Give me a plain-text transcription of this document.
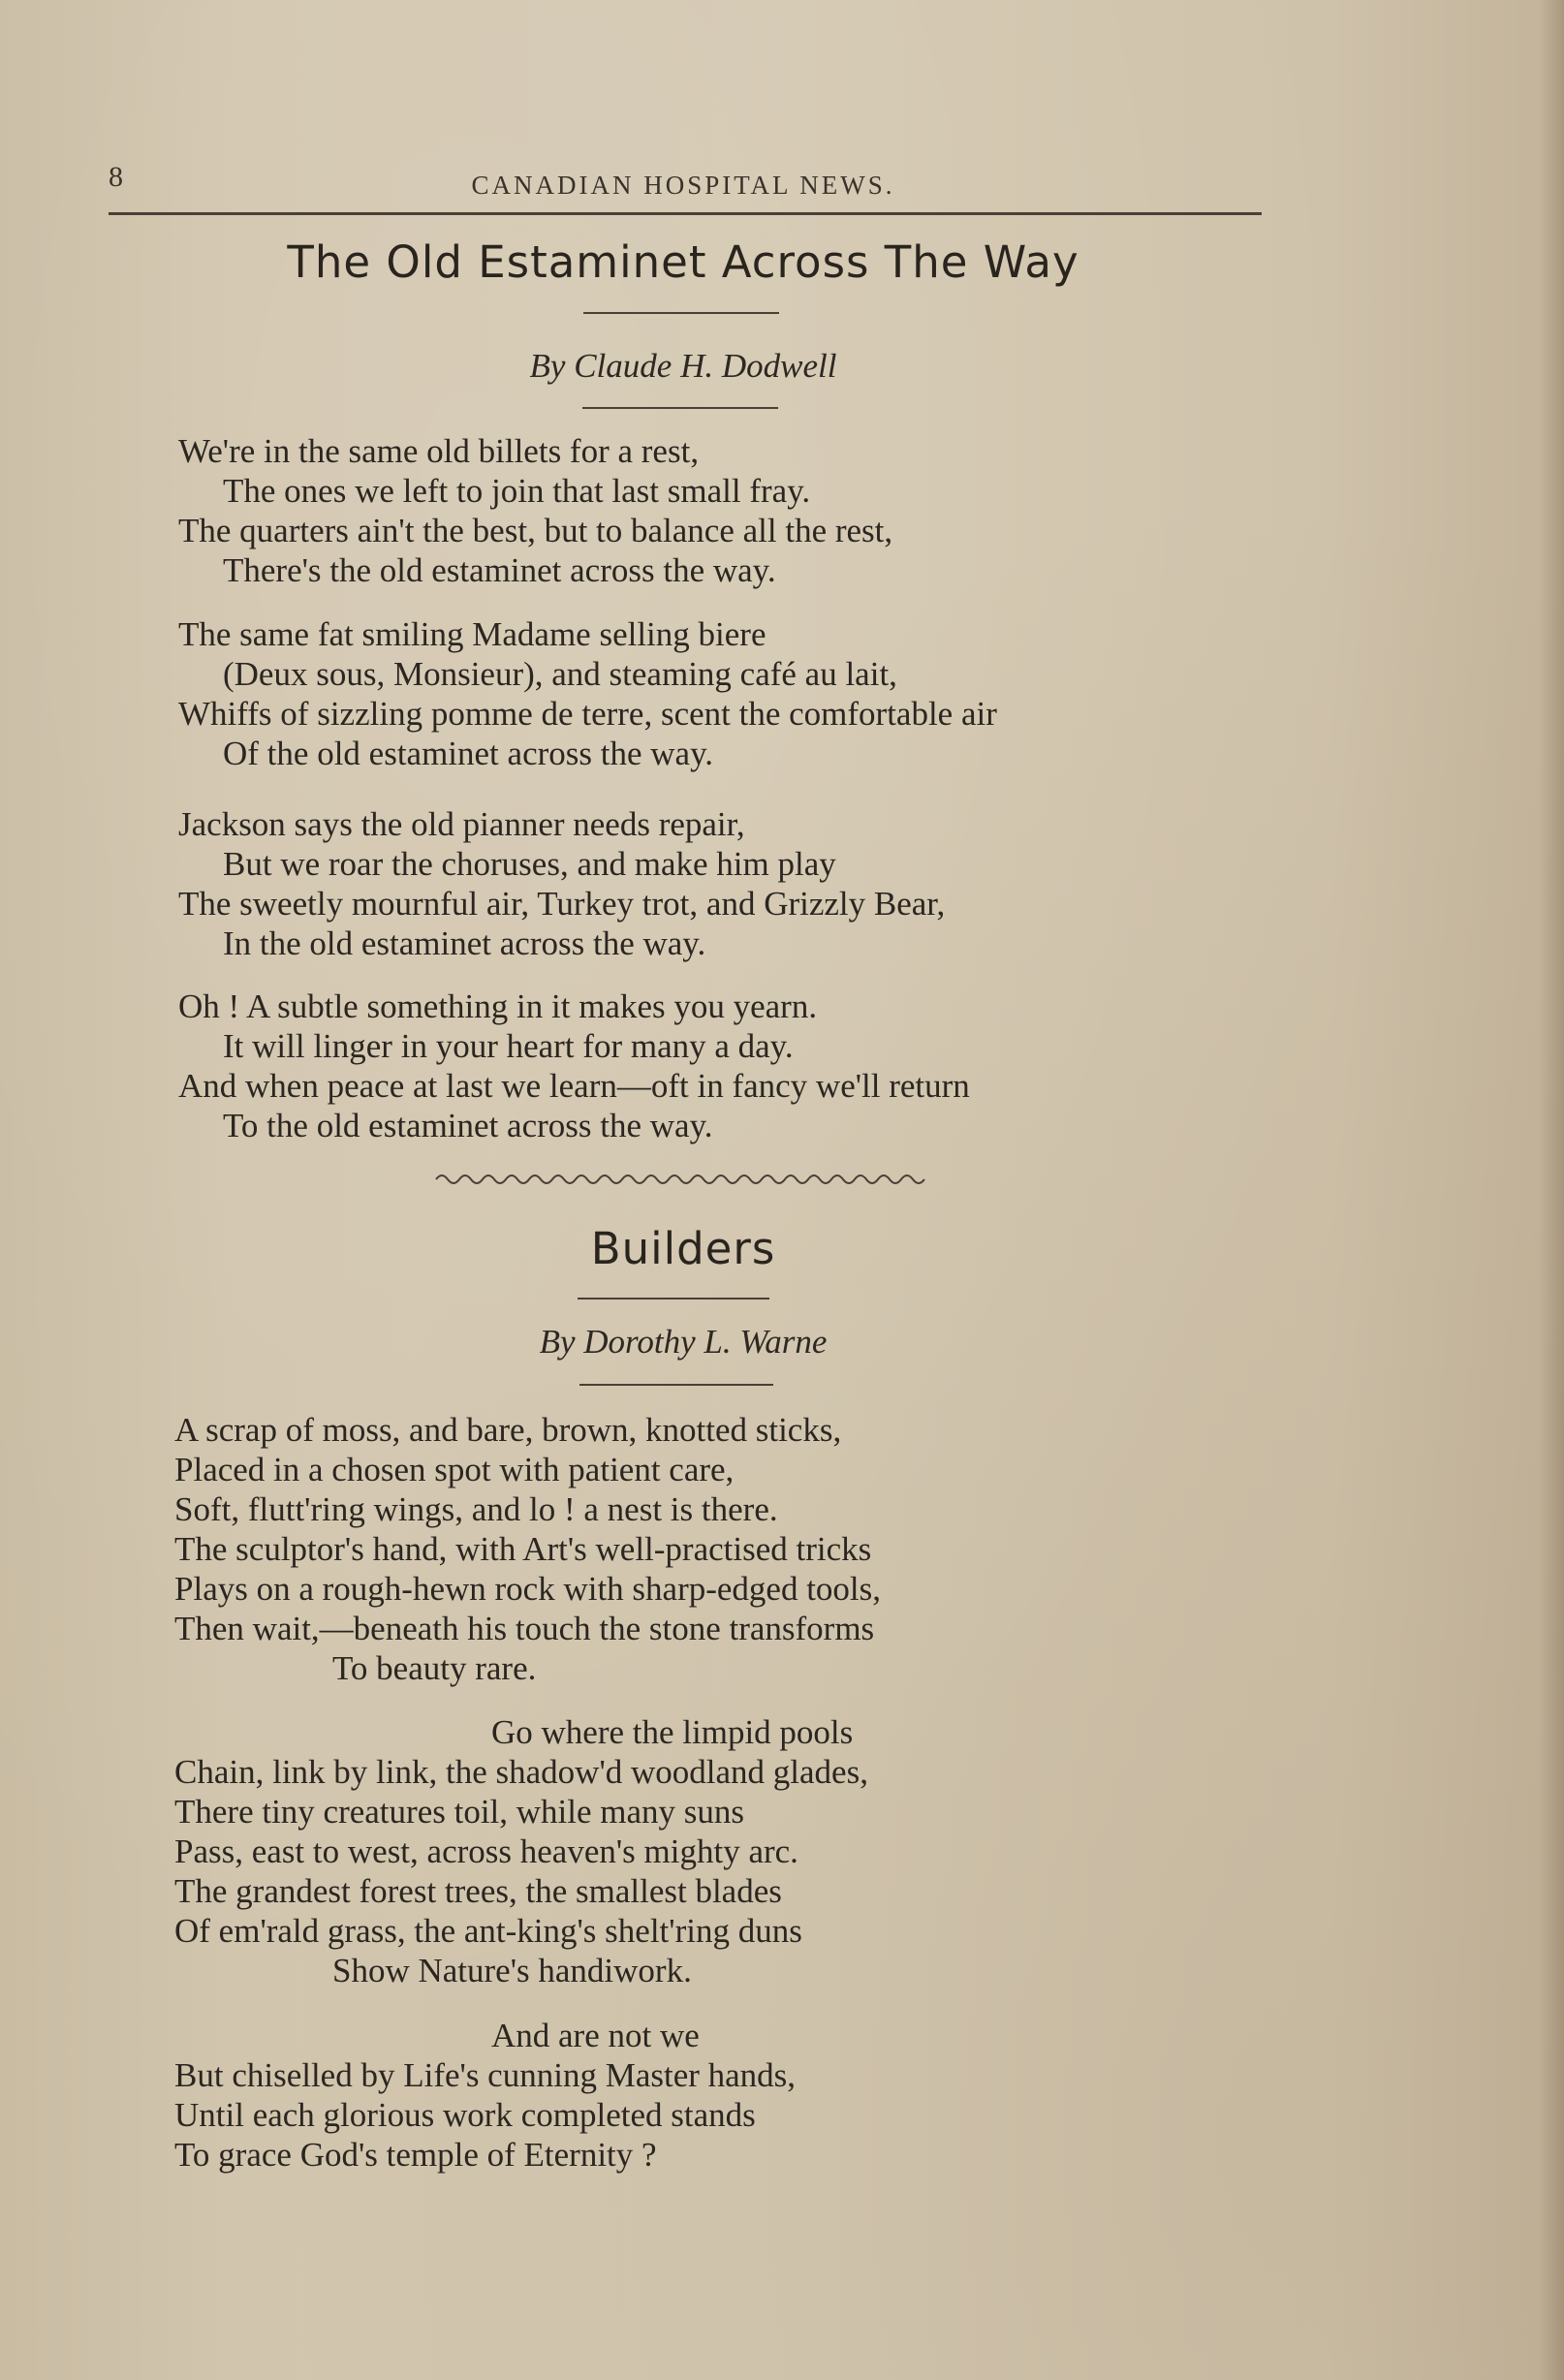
8	CANADIAN HOSPITAL NEWS.
The Old Estaminet Across The Way
By Claude H. Dodwell
We're in the same old billets for a rest,
The ones we left to join that last small fray.
The quarters ain't the best, but to balance all the rest,
There's the old estaminet across the way.
The same fat smiling Madame selling biere
(Deux sous, Monsieur), and steaming café au lait,
Whiffs of sizzling pomme de terre, scent the comfortable air
Of the old estaminet across the way.
Jackson says the old pianner needs repair,
But we roar the choruses, and make him play
The sweetly mournful air, Turkey trot, and Grizzly Bear,
In the old estaminet across the way.
Oh ! A subtle something in it makes you yearn.
It will linger in your heart for many a day.
And when peace at last we learn—oft in fancy we'll return
To the old estaminet across the way.
Builders
By Dorothy L. Warne
A scrap of moss, and bare, brown, knotted sticks,
Placed in a chosen spot with patient care,
Soft, flutt'ring wings, and lo ! a nest is there.
The sculptor's hand, with Art's well-practised tricks
Plays on a rough-hewn rock with sharp-edged tools,
Then wait,—beneath his touch the stone transforms
To beauty rare.
Go where the limpid pools
Chain, link by link, the shadow'd woodland glades,
There tiny creatures toil, while many suns
Pass, east to west, across heaven's mighty arc.
The grandest forest trees, the smallest blades
Of em'rald grass, the ant-king's shelt'ring duns
Show Nature's handiwork.
And are not we
But chiselled by Life's cunning Master hands,
Until each glorious work completed stands
To grace God's temple of Eternity ?
